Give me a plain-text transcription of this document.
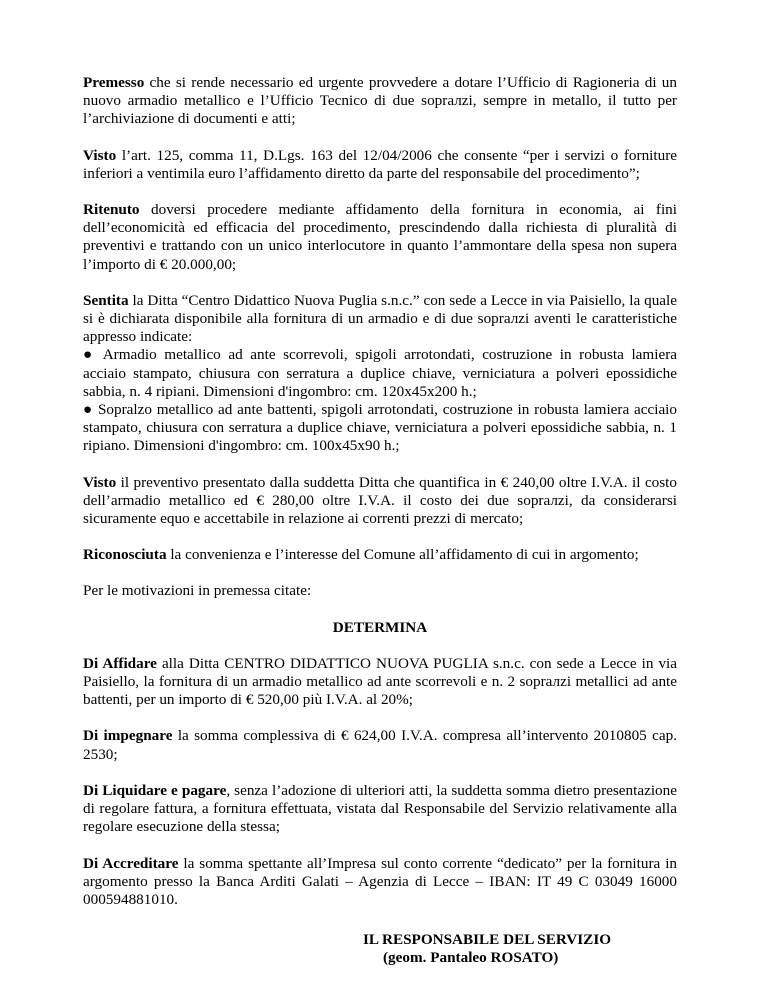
Premesso che si rende necessario ed urgente provvedere a dotare l’Ufficio di Ragioneria di un nuovo armadio metallico e l’Ufficio Tecnico di due soprалzi, sempre in metallo, il tutto per l’archiviazione di documenti e atti;

Visto l’art. 125, comma 11, D.Lgs. 163 del 12/04/2006 che consente “per i servizi o forniture inferiori a ventimila euro l’affidamento diretto da parte del responsabile del procedimento”;

Ritenuto doversi procedere mediante affidamento della fornitura in economia, ai fini dell’economicità ed efficacia del procedimento, prescindendo dalla richiesta di pluralità di preventivi e trattando con un unico interlocutore in quanto l’ammontare della spesa non supera l’importo di € 20.000,00;

Sentita la Ditta “Centro Didattico Nuova Puglia s.n.c.” con sede a Lecce in via Paisiello, la quale si è dichiarata disponibile alla fornitura di un armadio e di due soprалzi aventi le caratteristiche appresso indicate:

● Armadio metallico ad ante scorrevoli, spigoli arrotondati, costruzione in robusta lamiera acciaio stampato, chiusura con serratura a duplice chiave, verniciatura a polveri epossidiche sabbia, n. 4 ripiani. Dimensioni d'ingombro: cm. 120x45x200 h.;

● Sopralzo metallico ad ante battenti, spigoli arrotondati, costruzione in robusta lamiera acciaio stampato, chiusura con serratura a duplice chiave, verniciatura a polveri epossidiche sabbia, n. 1 ripiano. Dimensioni d'ingombro: cm. 100x45x90 h.;

Visto il preventivo presentato dalla suddetta Ditta che quantifica in € 240,00 oltre I.V.A. il costo dell’armadio metallico ed € 280,00 oltre I.V.A. il costo dei due soprалzi, da considerarsi sicuramente equo e accettabile in relazione ai correnti prezzi di mercato;

Riconosciuta la convenienza e l’interesse del Comune all’affidamento di cui in argomento;

Per le motivazioni in premessa citate:

DETERMINA

Di Affidare alla Ditta CENTRO DIDATTICO NUOVA PUGLIA s.n.c. con sede a Lecce in via Paisiello, la fornitura di un armadio metallico ad ante scorrevoli e n. 2 soprалzi metallici ad ante battenti, per un importo di € 520,00 più I.V.A. al 20%;

Di impegnare la somma complessiva di € 624,00 I.V.A. compresa all’intervento 2010805 cap. 2530;

Di Liquidare e pagare, senza l’adozione di ulteriori atti, la suddetta somma dietro presentazione di regolare fattura, a fornitura effettuata, vistata dal Responsabile del Servizio relativamente alla regolare esecuzione della stessa;

Di Accreditare la somma spettante all’Impresa sul conto corrente “dedicato” per la fornitura in argomento presso la Banca Arditi Galati – Agenzia di Lecce – IBAN: IT 49 C 03049 16000 000594881010.

IL RESPONSABILE DEL SERVIZIO
(geom. Pantaleo ROSATO)
